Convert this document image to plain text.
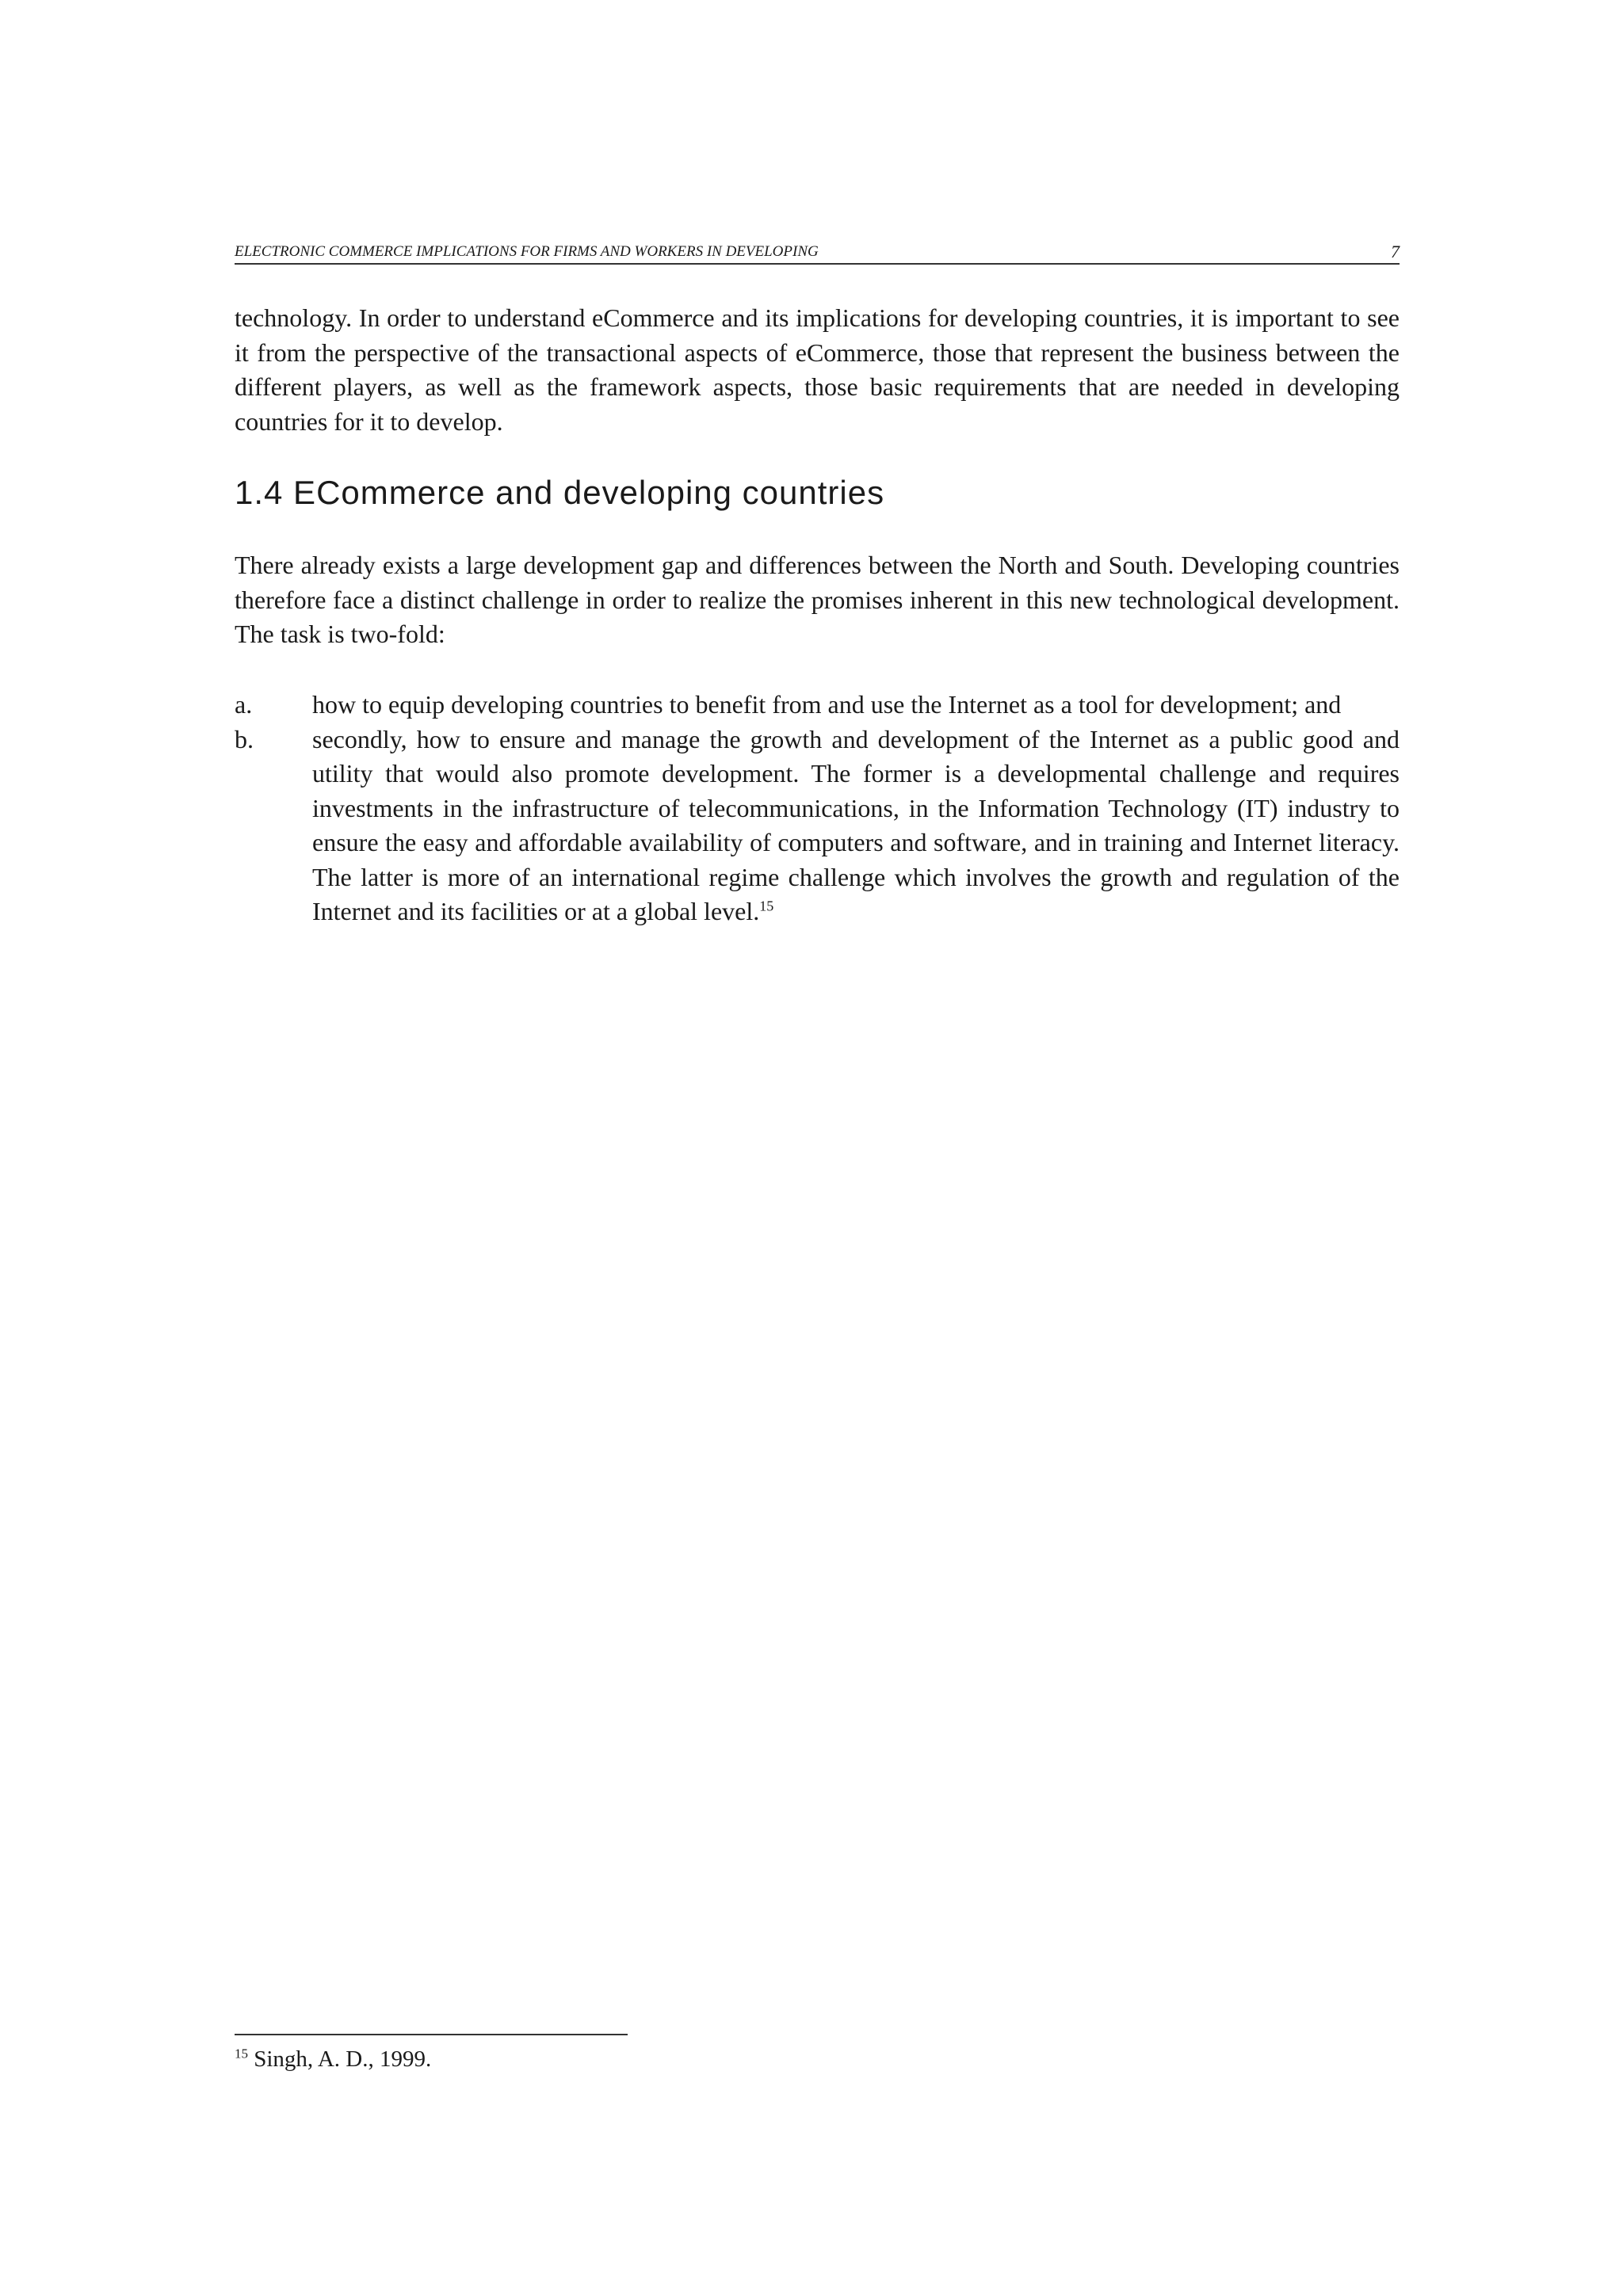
ELECTRONIC COMMERCE IMPLICATIONS FOR FIRMS AND WORKERS IN DEVELOPING	7

technology. In order to understand eCommerce and its implications for developing countries, it is important to see it from the perspective of the transactional aspects of eCommerce, those that represent the business between the different players, as well as the framework aspects, those basic requirements that are needed in developing countries for it to develop.

1.4 ECommerce and developing countries

There already exists a large development gap and differences between the North and South. Developing countries therefore face a distinct challenge in order to realize the promises inherent in this new technological development. The task is two-fold:

a.	how to equip developing countries to benefit from and use the Internet as a tool for development; and

b.	secondly, how to ensure and manage the growth and development of the Internet as a public good and utility that would also promote development. The former is a developmental challenge and requires investments in the infrastructure of telecommunications, in the Information Technology (IT) industry to ensure the easy and affordable availability of computers and software, and in training and Internet literacy. The latter is more of an international regime challenge which involves the growth and regulation of the Internet and its facilities or at a global level.$^{15}$

$^{15}$ Singh, A. D., 1999.
